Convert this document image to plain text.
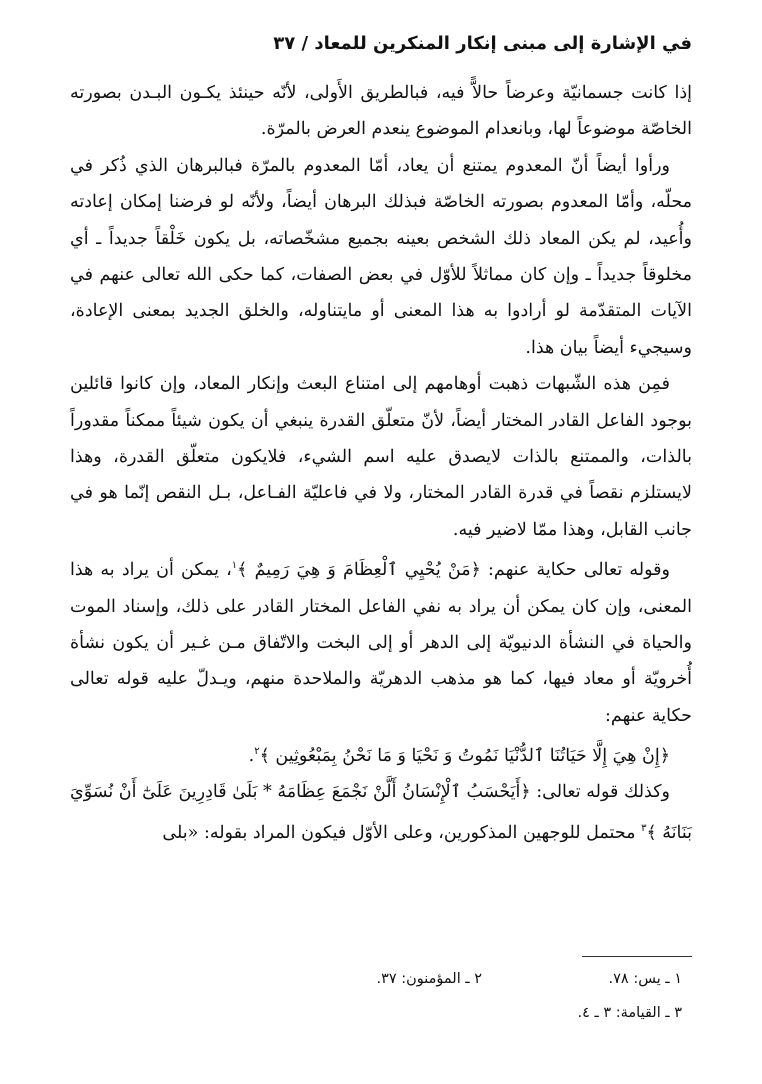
في الإشارة إلى مبنى إنكار المنكرين للمعاد / ٣٧

إذا كانت جسمانيّة وعرضاً حالاًّ فيه، فبالطريق الأَولى، لأنّه حينئذ يكـون البـدن بصورته الخاصّة موضوعاً لها، وبانعدام الموضوع ينعدم العرض بالمرّة.

ورأوا أيضاً أنّ المعدوم يمتنع أن يعاد، أمّا المعدوم بالمرّة فبالبرهان الذي ذُكر في محلّه، وأمّا المعدوم بصورته الخاصّة فبذلك البرهان أيضاً، ولأنّه لو فرضنا إمكان إعادته وأُعيد، لم يكن المعاد ذلك الشخص بعينه بجميع مشخّصاته، بل يكون خَلْقاً جديداً ـ أي مخلوقاً جديداً ـ وإن كان مماثلاً للأوّل في بعض الصفات، كما حكى الله تعالى عنهم في الآيات المتقدّمة لو أرادوا به هذا المعنى أو مايتناوله، والخلق الجديد بمعنى الإعادة، وسيجيء أيضاً بيان هذا.

فمِن هذه الشّبهات ذهبت أوهامهم إلى امتناع البعث وإنكار المعاد، وإن كانوا قائلين بوجود الفاعل القادر المختار أيضاً، لأنّ متعلّق القدرة ينبغي أن يكون شيئاً ممكناً مقدوراً بالذات، والممتنع بالذات لايصدق عليه اسم الشيء، فلايكون متعلّق القدرة، وهذا لايستلزم نقصاً في قدرة القادر المختار، ولا في فاعليّة الفـاعل، بـل النقص إنّما هو في جانب القابل، وهذا ممّا لاضير فيه.

وقوله تعالى حكاية عنهم: ﴿مَنْ يُحْيِي ٱلْعِظَامَ وَ هِيَ رَمِيمٌ ﴾$^١$، يمكن أن يراد به هذا المعنى، وإن كان يمكن أن يراد به نفي الفاعل المختار القادر على ذلك، وإسناد الموت والحياة في النشأة الدنيويّة إلى الدهر أو إلى البخت والاتّفاق مـن غـير أن يكون نشأة أُخرويّة أو معاد فيها، كما هو مذهب الدهريّة والملاحدة منهم، ويـدلّ عليه قوله تعالى حكاية عنهم:

﴿إِنْ هِيَ إِلَّا حَيَاتُنَا ٱلدُّنْيَا نَمُوتُ وَ نَحْيَا وَ مَا نَحْنُ بِمَبْعُوثِين ﴾$^٢$.

وكذلك قوله تعالى: ﴿أَيَحْسَبُ ٱلْإِنْسَانُ أَلَّنْ نَجْمَعَ عِظَامَهُ * بَلَىٰ قَادِرِينَ عَلَىٰٓ أَنْ نُسَوِّيَ بَنَانَهُ ﴾$^٣$ محتمل للوجهين المذكورين، وعلى الأوّل فيكون المراد بقوله: «بلى

١ ـ يس: ٧٨.
٢ ـ المؤمنون: ٣٧.
٣ ـ القيامة: ٣ ـ ٤.
